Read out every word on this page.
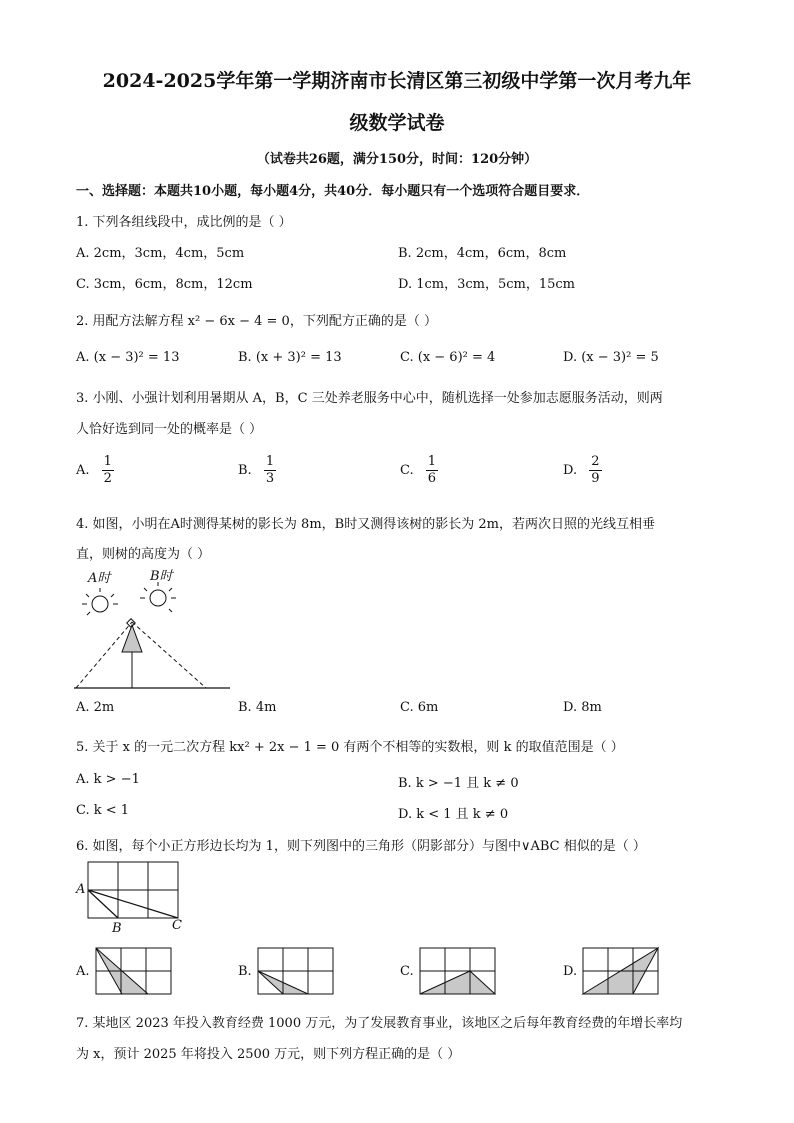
2024-2025学年第一学期济南市长清区第三初级中学第一次月考九年
级数学试卷
（试卷共26题，满分150分，时间：120分钟）
一、选择题：本题共10小题，每小题4分，共40分．每小题只有一个选项符合题目要求．
1. 下列各组线段中，成比例的是（ ）
A. 2cm，3cm，4cm，5cm	B. 2cm，4cm，6cm，8cm
C. 3cm，6cm，8cm，12cm	D. 1cm，3cm，5cm，15cm
2. 用配方法解方程 x² − 6x − 4 = 0，下列配方正确的是（ ）
A. (x − 3)² = 13	B. (x + 3)² = 13	C. (x − 6)² = 4	D. (x − 3)² = 5
3. 小刚、小强计划利用暑期从 A，B，C 三处养老服务中心中，随机选择一处参加志愿服务活动，则两
人恰好选到同一处的概率是（ ）
A. $\frac{1}{2}$	B. $\frac{1}{3}$	C. $\frac{1}{6}$	D. $\frac{2}{9}$
4. 如图，小明在A时测得某树的影长为 8m，B时又测得该树的影长为 2m，若两次日照的光线互相垂
直，则树的高度为（ ）
A时	B时
A. 2m	B. 4m	C. 6m	D. 8m
5. 关于 x 的一元二次方程 kx² + 2x − 1 = 0 有两个不相等的实数根，则 k 的取值范围是（ ）
A. k > −1	B. k > −1 且 k ≠ 0
C. k < 1	D. k < 1 且 k ≠ 0
6. 如图，每个小正方形边长均为 1，则下列图中的三角形（阴影部分）与图中∨ABC 相似的是（ ）
A
B	C
A.	B.	C.	D.
7. 某地区 2023 年投入教育经费 1000 万元，为了发展教育事业，该地区之后每年教育经费的年增长率均
为 x，预计 2025 年将投入 2500 万元，则下列方程正确的是（ ）
